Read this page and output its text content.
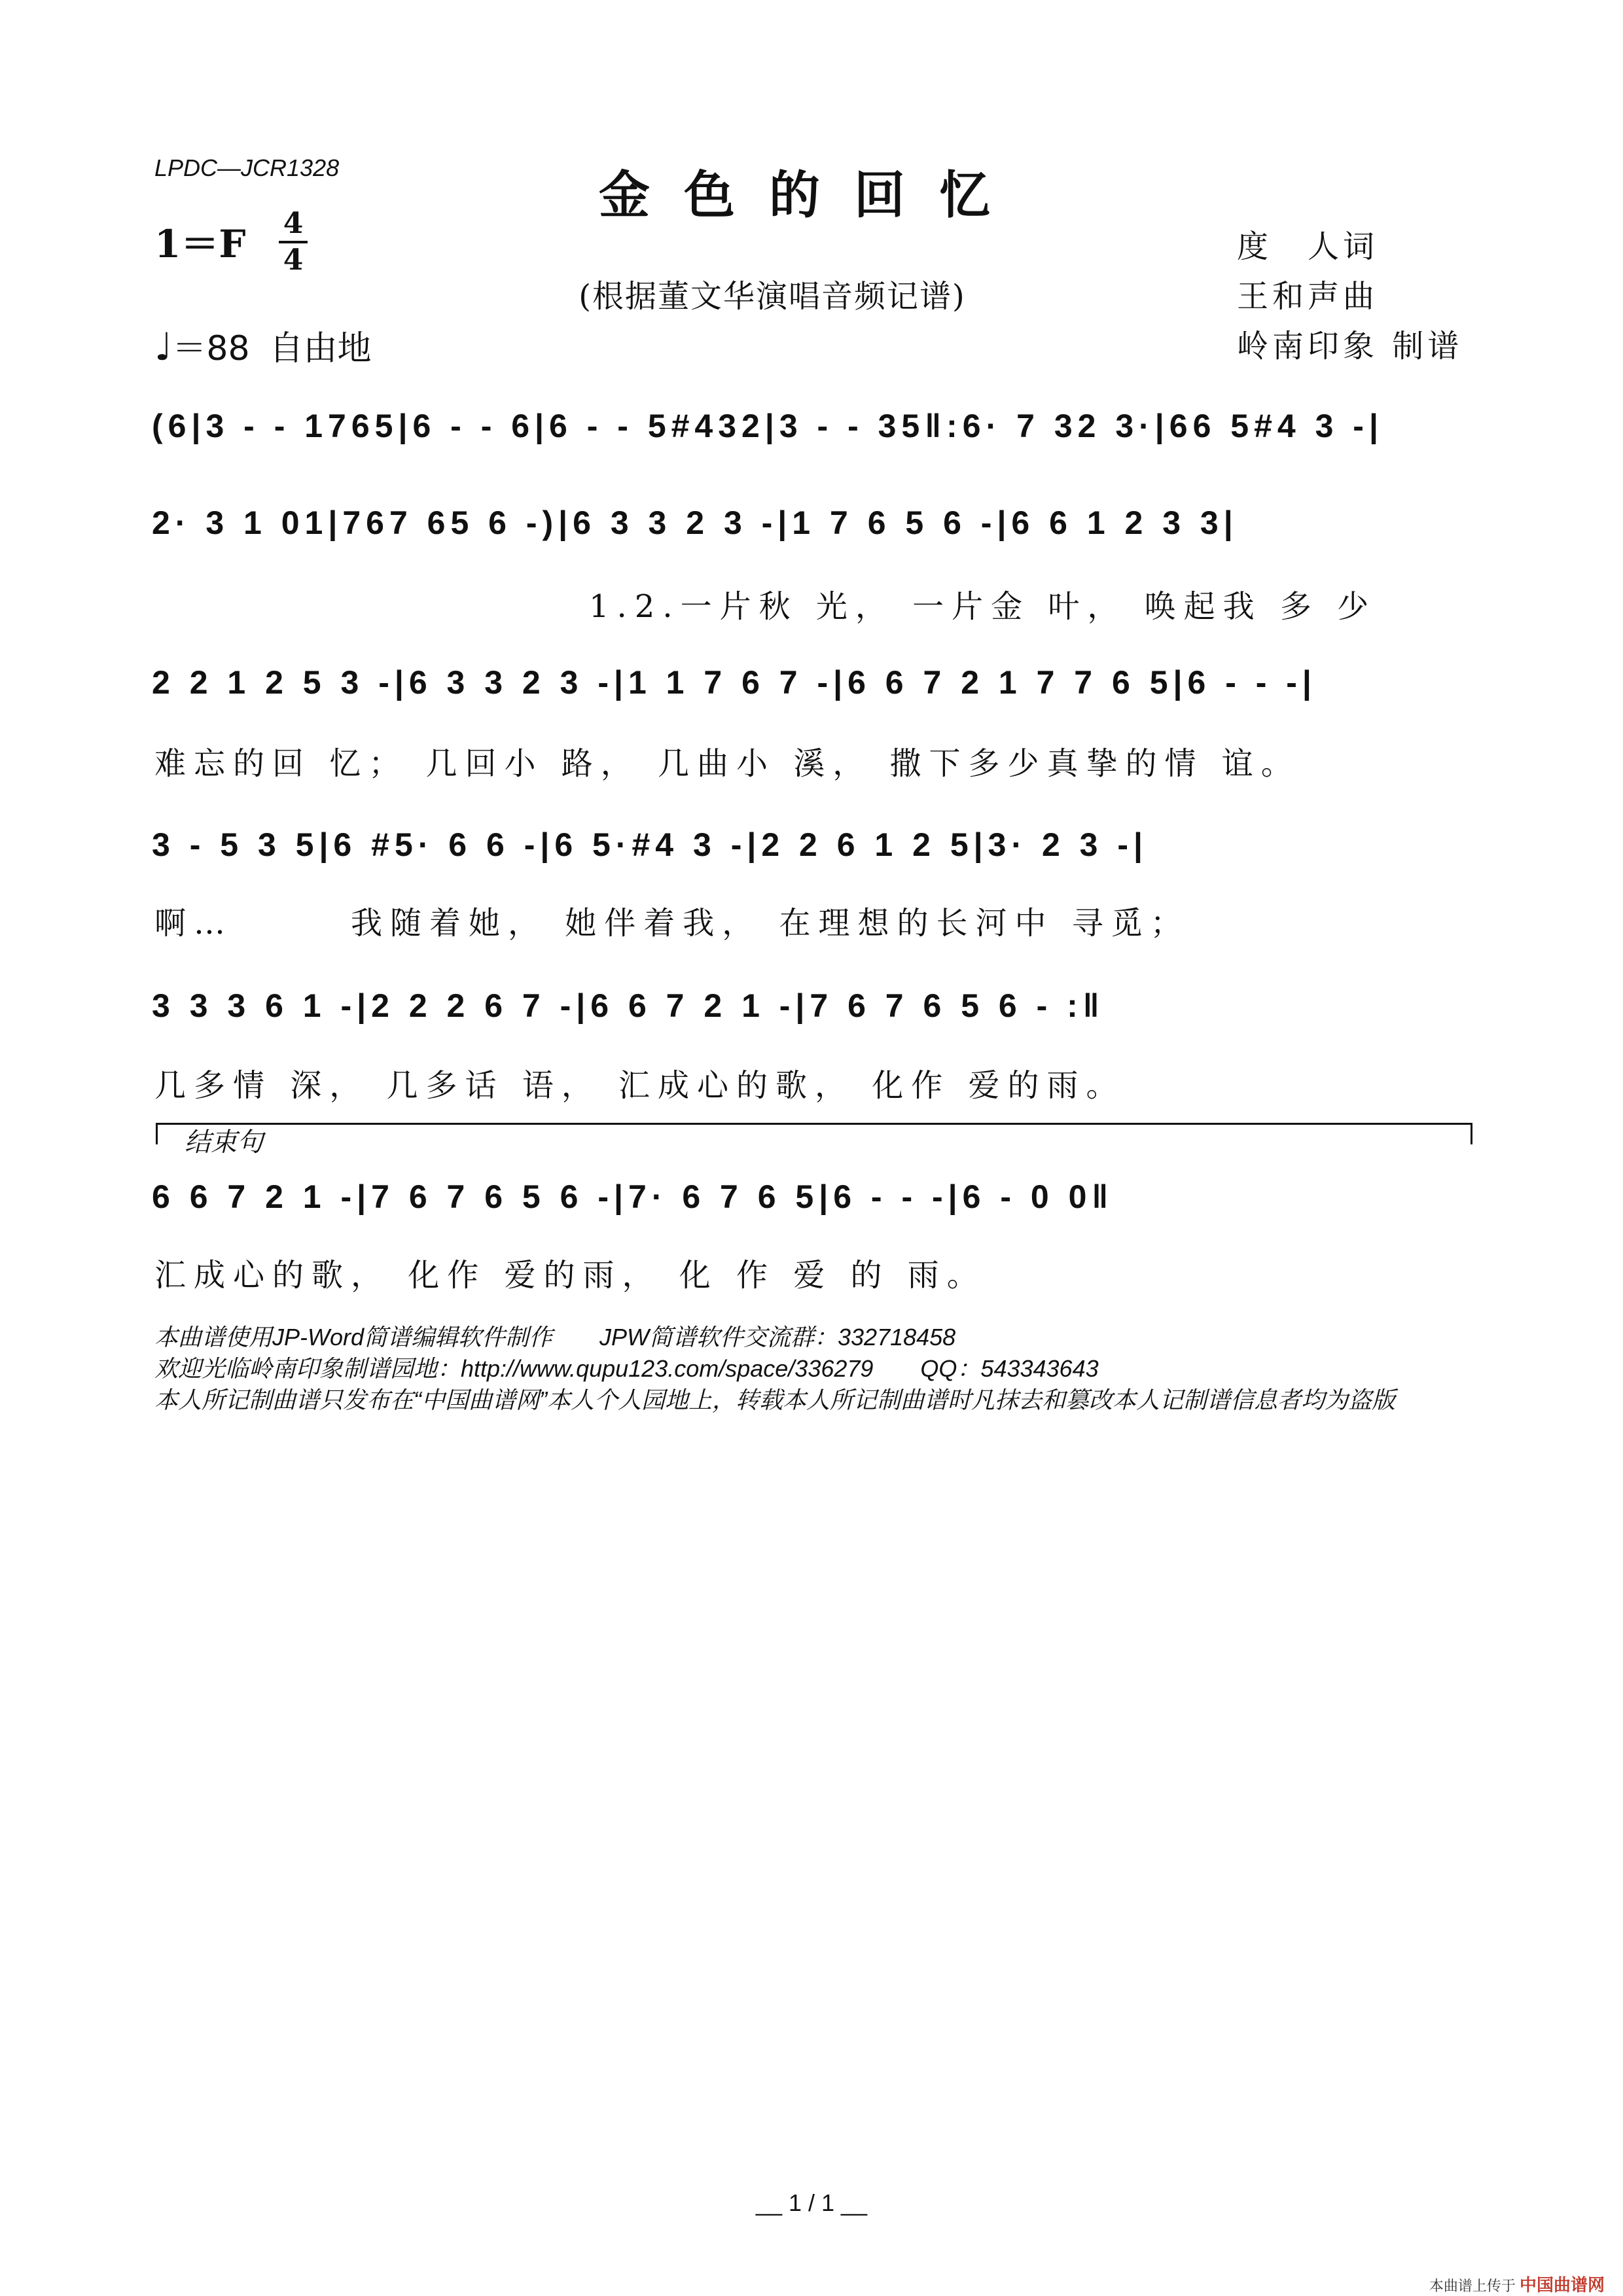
LPDC—JCR1328	金色的回忆
1＝F 4
4
(根据董文华演唱音频记谱)
度　人词
王和声曲
岭南印象 制谱
♩＝88 自由地
(6|3 - - 1765|6 - - 6|6 - - 5#432|3 - - 35‖:6· 7 32 3·|66 5#4 3 -|
2· 3 1 01|767 65 6 -)|6 3 3 2 3 -|1 7 6 5 6 -|6 6 1 2 3 3|
1.2.一片秋 光， 一片金 叶， 唤起我 多 少
2 2 1 2 5 3 -|6 3 3 2 3 -|1 1 7 6 7 -|6 6 7 2 1 7 7 6 5|6 - - -|
难忘的回 忆； 几回小 路， 几曲小 溪， 撒下多少真挚的情 谊。
3 - 5 3 5|6 #5· 6 6 -|6 5·#4 3 -|2 2 6 1 2 5|3· 2 3 -|
啊…　　　我随着她， 她伴着我， 在理想的长河中 寻觅；
3 3 3 6 1 -|2 2 2 6 7 -|6 6 7 2 1 -|7 6 7 6 5 6 - :‖
几多情 深， 几多话 语， 汇成心的歌， 化作 爱的雨。
结束句
6 6 7 2 1 -|7 6 7 6 5 6 -|7· 6 7 6 5|6 - - -|6 - 0 0‖
汇成心的歌， 化作 爱的雨， 化 作 爱 的 雨。
本曲谱使用JP-Word简谱编辑软件制作　　JPW简谱软件交流群：332718458
欢迎光临岭南印象制谱园地：http://www.qupu123.com/space/336279　　QQ：543343643
本人所记制曲谱只发布在“中国曲谱网”本人个人园地上，转载本人所记制曲谱时凡抹去和篡改本人记制谱信息者均为盗版
__ 1 / 1 __
本曲谱上传于 中国曲谱网
